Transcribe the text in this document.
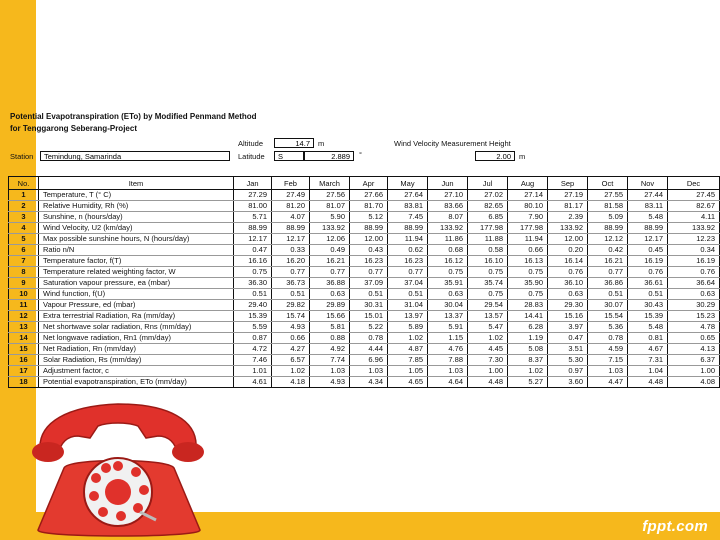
fppt.com
Potential Evapotranspiration (ETo) by Modified Penmand Method
for Tenggarong Seberang-Project
Altitude	14.7	m	Wind Velocity Measurement Height
Station	Temindung, Samarinda	Latitude	S	2.889	°	2.00	m
No.	Item	Jan	Feb	March	Apr	May	Jun	Jul	Aug	Sep	Oct	Nov	Dec
1	Temperature, T (° C)	27.29	27.49	27.56	27.66	27.64	27.10	27.02	27.14	27.19	27.55	27.44	27.45
2	Relative Humidity, Rh (%)	81.00	81.20	81.07	81.70	83.81	83.66	82.65	80.10	81.17	81.58	83.11	82.67
3	Sunshine, n (hours/day)	5.71	4.07	5.90	5.12	7.45	8.07	6.85	7.90	2.39	5.09	5.48	4.11
4	Wind Velocity, U2 (km/day)	88.99	88.99	133.92	88.99	88.99	133.92	177.98	177.98	133.92	88.99	88.99	133.92
5	Max possible sunshine hours, N (hours/day)	12.17	12.17	12.06	12.00	11.94	11.86	11.88	11.94	12.00	12.12	12.17	12.23
6	Ratio n/N	0.47	0.33	0.49	0.43	0.62	0.68	0.58	0.66	0.20	0.42	0.45	0.34
7	Temperature factor, f(T)	16.16	16.20	16.21	16.23	16.23	16.12	16.10	16.13	16.14	16.21	16.19	16.19
8	Temperature related weighting factor, W	0.75	0.77	0.77	0.77	0.77	0.75	0.75	0.75	0.76	0.77	0.76	0.76
9	Saturation vapour pressure, ea (mbar)	36.30	36.73	36.88	37.09	37.04	35.91	35.74	35.90	36.10	36.86	36.61	36.64
10	Wind function, f(U)	0.51	0.51	0.63	0.51	0.51	0.63	0.75	0.75	0.63	0.51	0.51	0.63
11	Vapour Pressure, ed (mbar)	29.40	29.82	29.89	30.31	31.04	30.04	29.54	28.83	29.30	30.07	30.43	30.29
12	Extra terrestrial Radiation, Ra (mm/day)	15.39	15.74	15.66	15.01	13.97	13.37	13.57	14.41	15.16	15.54	15.39	15.23
13	Net shortwave solar radiation, Rns (mm/day)	5.59	4.93	5.81	5.22	5.89	5.91	5.47	6.28	3.97	5.36	5.48	4.78
14	Net longwave radiation, Rn1 (mm/day)	0.87	0.66	0.88	0.78	1.02	1.15	1.02	1.19	0.47	0.78	0.81	0.65
15	Net Radiation, Rn (mm/day)	4.72	4.27	4.92	4.44	4.87	4.76	4.45	5.08	3.51	4.59	4.67	4.13
16	Solar Radiation, Rs (mm/day)	7.46	6.57	7.74	6.96	7.85	7.88	7.30	8.37	5.30	7.15	7.31	6.37
17	Adjustment factor, c	1.01	1.02	1.03	1.03	1.05	1.03	1.00	1.02	0.97	1.03	1.04	1.00
18	Potential evapotranspiration, ETo (mm/day)	4.61	4.18	4.93	4.34	4.65	4.64	4.48	5.27	3.60	4.47	4.48	4.08
